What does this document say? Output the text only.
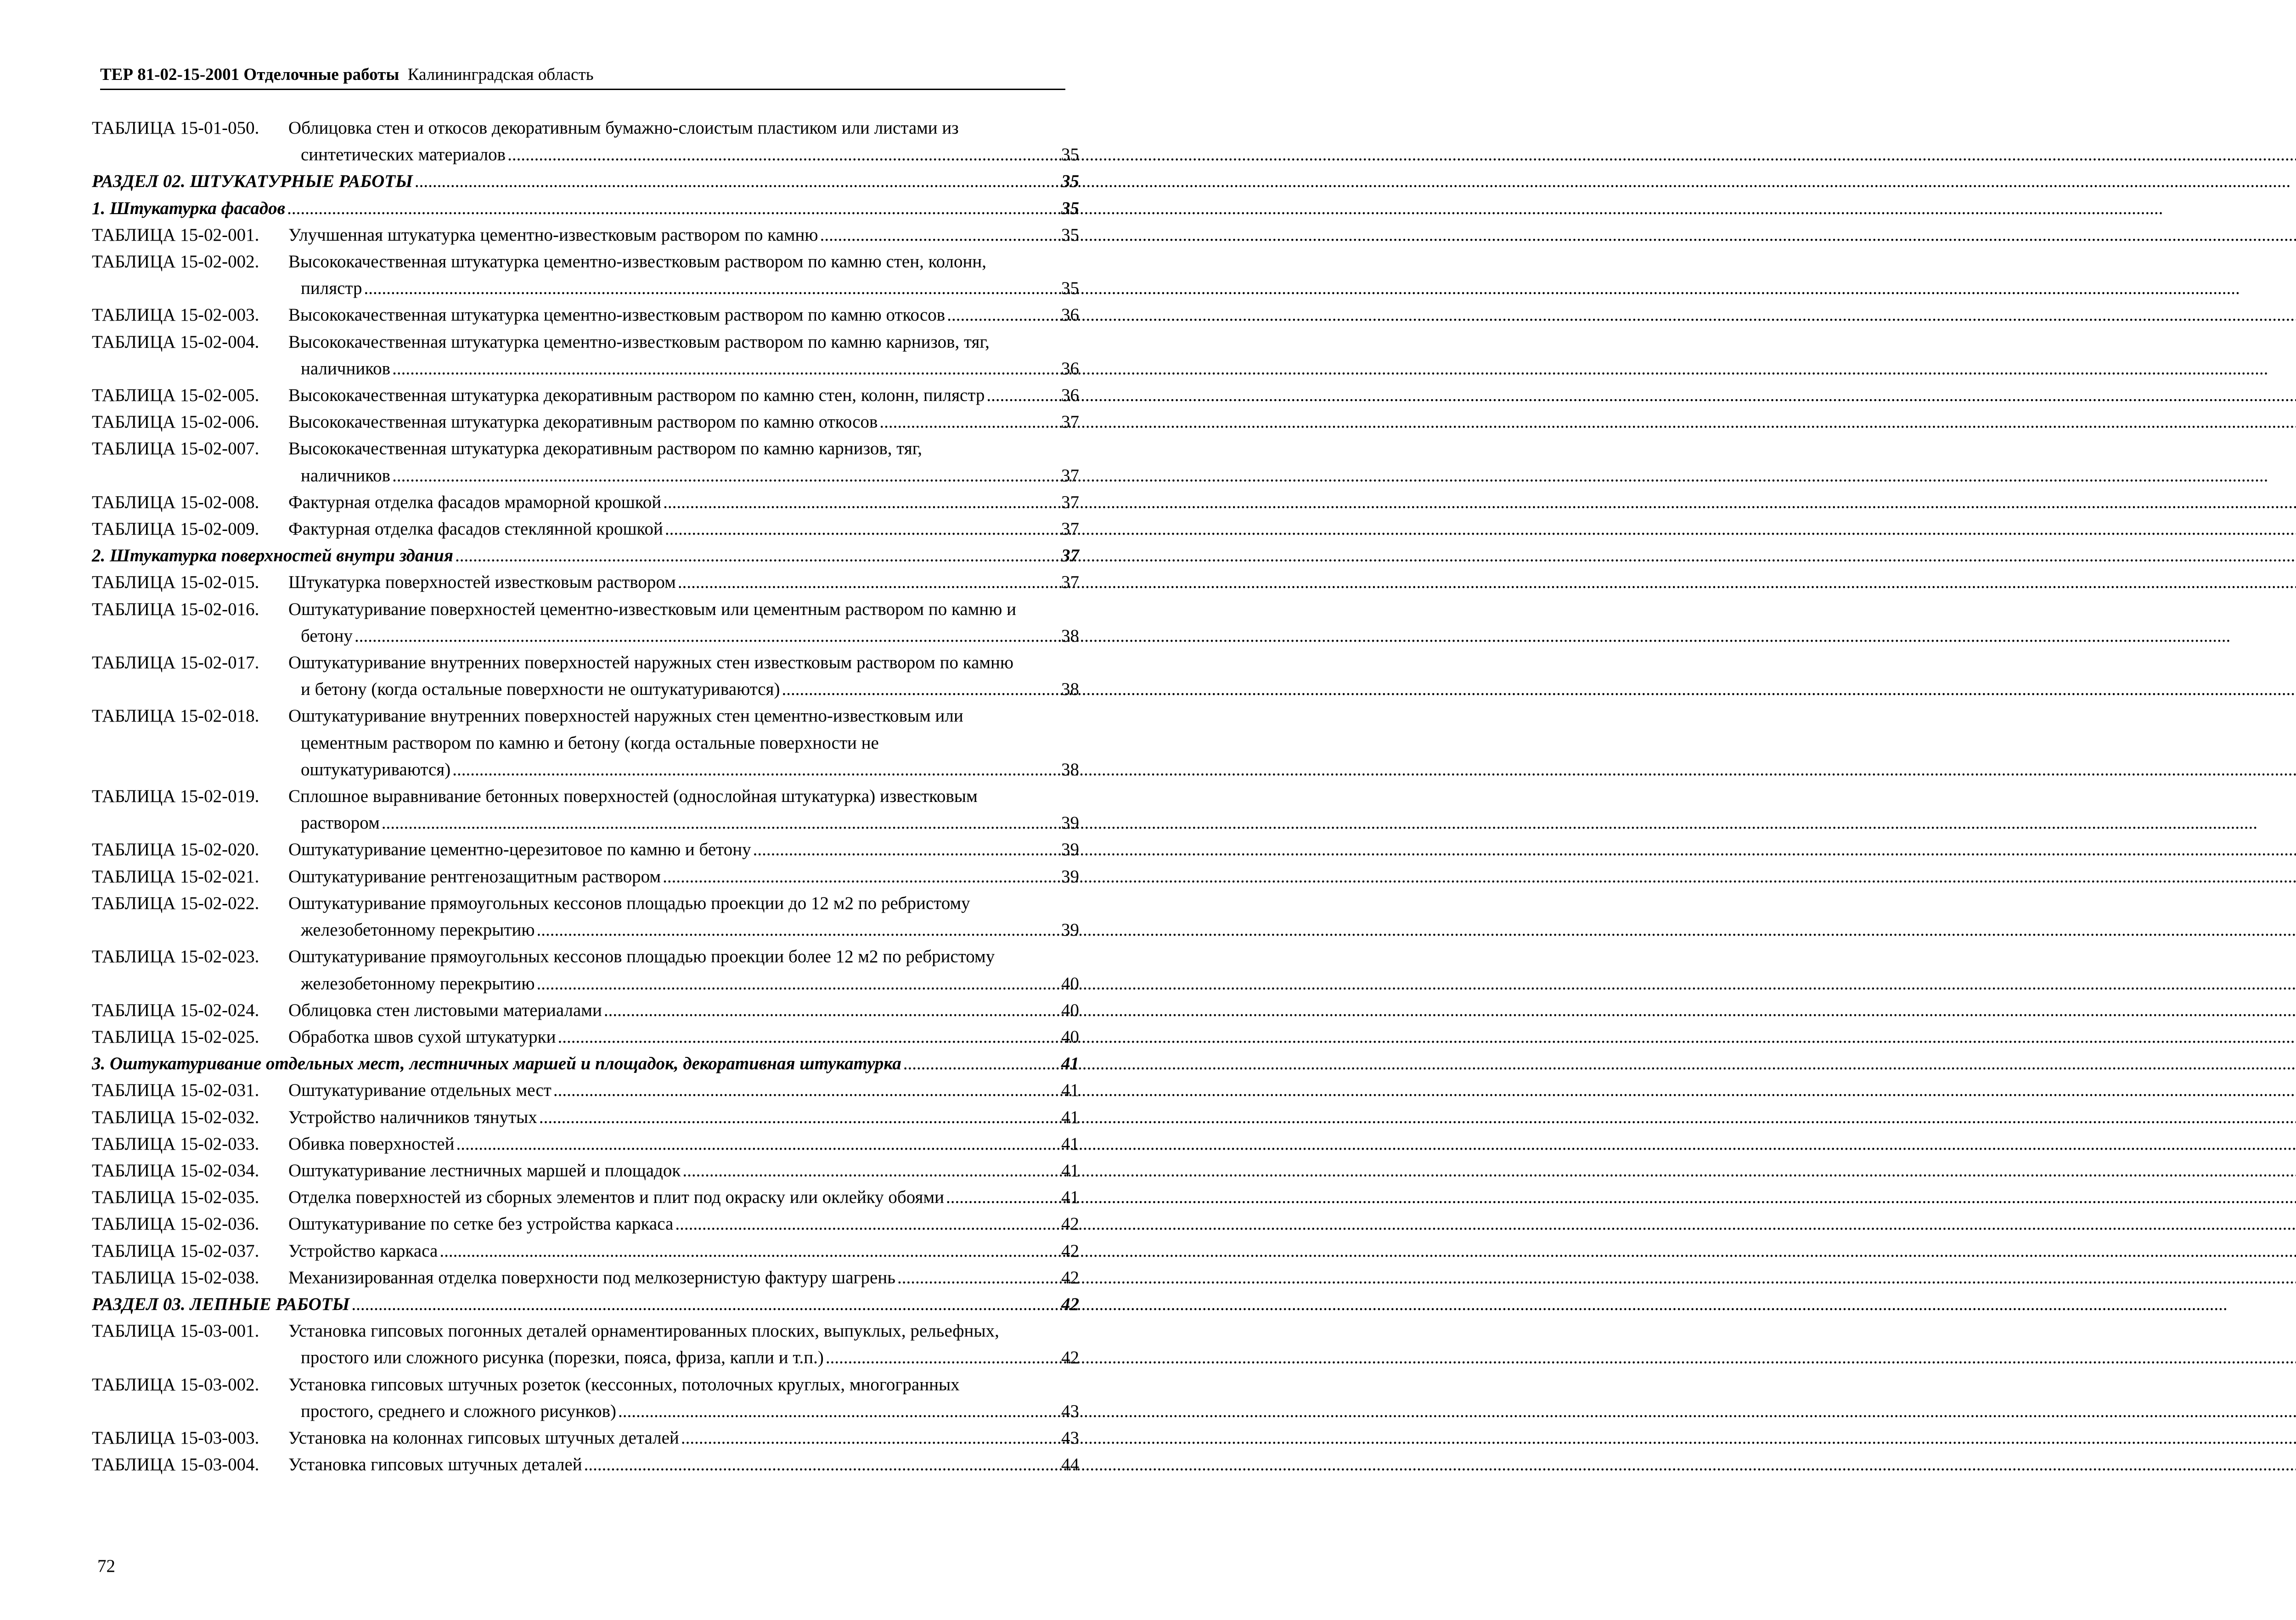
ТЕР 81-02-15-2001 Отделочные работы Калининградская область
ТАБЛИЦА 15-01-050.	Облицовка стен и откосов декоративным бумажно-слоистым пластиком или листами из
синтетических материалов .....	35
РАЗДЕЛ 02. ШТУКАТУРНЫЕ РАБОТЫ .....	35
1. Штукатурка фасадов .....	35
ТАБЛИЦА 15-02-001.	Улучшенная штукатурка цементно-известковым раствором по камню .....	35
ТАБЛИЦА 15-02-002.	Высококачественная штукатурка цементно-известковым раствором по камню стен, колонн,
пилястр .....	35
ТАБЛИЦА 15-02-003.	Высококачественная штукатурка цементно-известковым раствором по камню откосов .....	36
ТАБЛИЦА 15-02-004.	Высококачественная штукатурка цементно-известковым раствором по камню карнизов, тяг,
наличников .....	36
ТАБЛИЦА 15-02-005.	Высококачественная штукатурка декоративным раствором по камню стен, колонн, пилястр .....	36
ТАБЛИЦА 15-02-006.	Высококачественная штукатурка декоративным раствором по камню откосов .....	37
ТАБЛИЦА 15-02-007.	Высококачественная штукатурка декоративным раствором по камню карнизов, тяг,
наличников .....	37
ТАБЛИЦА 15-02-008.	Фактурная отделка фасадов мраморной крошкой .....	37
ТАБЛИЦА 15-02-009.	Фактурная отделка фасадов стеклянной крошкой .....	37
2. Штукатурка поверхностей внутри здания .....	37
ТАБЛИЦА 15-02-015.	Штукатурка поверхностей известковым раствором .....	37
ТАБЛИЦА 15-02-016.	Оштукатуривание поверхностей цементно-известковым или цементным раствором по камню и
бетону .....	38
ТАБЛИЦА 15-02-017.	Оштукатуривание внутренних поверхностей наружных стен известковым раствором по камню
и бетону (когда остальные поверхности не оштукатуриваются) .....	38
ТАБЛИЦА 15-02-018.	Оштукатуривание внутренних поверхностей наружных стен цементно-известковым или
цементным раствором по камню и бетону (когда остальные поверхности не
оштукатуриваются) .....	38
ТАБЛИЦА 15-02-019.	Сплошное выравнивание бетонных поверхностей (однослойная штукатурка) известковым
раствором .....	39
ТАБЛИЦА 15-02-020.	Оштукатуривание цементно-церезитовое по камню и бетону .....	39
ТАБЛИЦА 15-02-021.	Оштукатуривание рентгенозащитным раствором .....	39
ТАБЛИЦА 15-02-022.	Оштукатуривание прямоугольных кессонов площадью проекции до 12 м2 по ребристому
железобетонному перекрытию .....	39
ТАБЛИЦА 15-02-023.	Оштукатуривание прямоугольных кессонов площадью проекции более 12 м2 по ребристому
железобетонному перекрытию .....	40
ТАБЛИЦА 15-02-024.	Облицовка стен листовыми материалами .....	40
ТАБЛИЦА 15-02-025.	Обработка швов сухой штукатурки .....	40
3. Оштукатуривание отдельных мест, лестничных маршей и площадок, декоративная штукатурка .....	41
ТАБЛИЦА 15-02-031.	Оштукатуривание отдельных мест .....	41
ТАБЛИЦА 15-02-032.	Устройство наличников тянутых .....	41
ТАБЛИЦА 15-02-033.	Обивка поверхностей .....	41
ТАБЛИЦА 15-02-034.	Оштукатуривание лестничных маршей и площадок .....	41
ТАБЛИЦА 15-02-035.	Отделка поверхностей из сборных элементов и плит под окраску или оклейку обоями .....	41
ТАБЛИЦА 15-02-036.	Оштукатуривание по сетке без устройства каркаса .....	42
ТАБЛИЦА 15-02-037.	Устройство каркаса .....	42
ТАБЛИЦА 15-02-038.	Механизированная отделка поверхности под мелкозернистую фактуру шагрень .....	42
РАЗДЕЛ 03. ЛЕПНЫЕ РАБОТЫ .....	42
ТАБЛИЦА 15-03-001.	Установка гипсовых погонных деталей орнаментированных плоских, выпуклых, рельефных,
простого или сложного рисунка (порезки, пояса, фриза, капли и т.п.) .....	42
ТАБЛИЦА 15-03-002.	Установка гипсовых штучных розеток (кессонных, потолочных круглых, многогранных
простого, среднего и сложного рисунков) .....	43
ТАБЛИЦА 15-03-003.	Установка на колоннах гипсовых штучных деталей .....	43
ТАБЛИЦА 15-03-004.	Установка гипсовых штучных деталей .....	44
72
